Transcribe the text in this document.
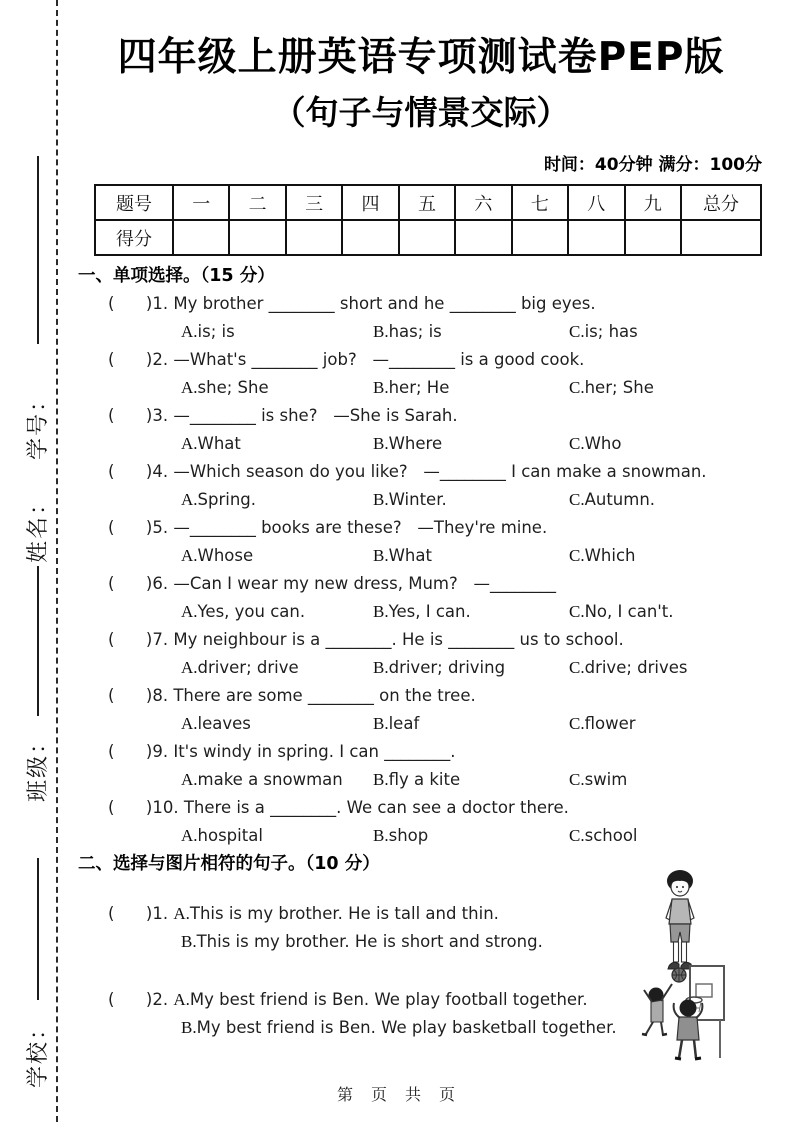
学号：
姓名：
班级：
学校：
四年级上册英语专项测试卷PEP版
（句子与情景交际）
时间：40分钟 满分：100分
题号	一	二	三	四	五	六	七	八	九	总分
得分										
一、单项选择。（15 分）
(      )1. My brother ________ short and he ________ big eyes.
A.is; is	B.has; is	C.is; has
(      )2. —What's ________ job?   —________ is a good cook.
A.she; She	B.her; He	C.her; She
(      )3. —________ is she?   —She is Sarah.
A.What	B.Where	C.Who
(      )4. —Which season do you like?   —________ I can make a snowman.
A.Spring.	B.Winter.	C.Autumn.
(      )5. —________ books are these?   —They're mine.
A.Whose	B.What	C.Which
(      )6. —Can I wear my new dress, Mum?   —________
A.Yes, you can.	B.Yes, I can.	C.No, I can't.
(      )7. My neighbour is a ________. He is ________ us to school.
A.driver; drive	B.driver; driving	C.drive; drives
(      )8. There are some ________ on the tree.
A.leaves	B.leaf	C.flower
(      )9. It's windy in spring. I can ________.
A.make a snowman	B.fly a kite	C.swim
(      )10. There is a ________. We can see a doctor there.
A.hospital	B.shop	C.school
二、选择与图片相符的句子。（10 分）
(      )1. A.This is my brother. He is tall and thin.
B.This is my brother. He is short and strong.
(      )2. A.My best friend is Ben. We play football together.
B.My best friend is Ben. We play basketball together.
第　页　共　页
